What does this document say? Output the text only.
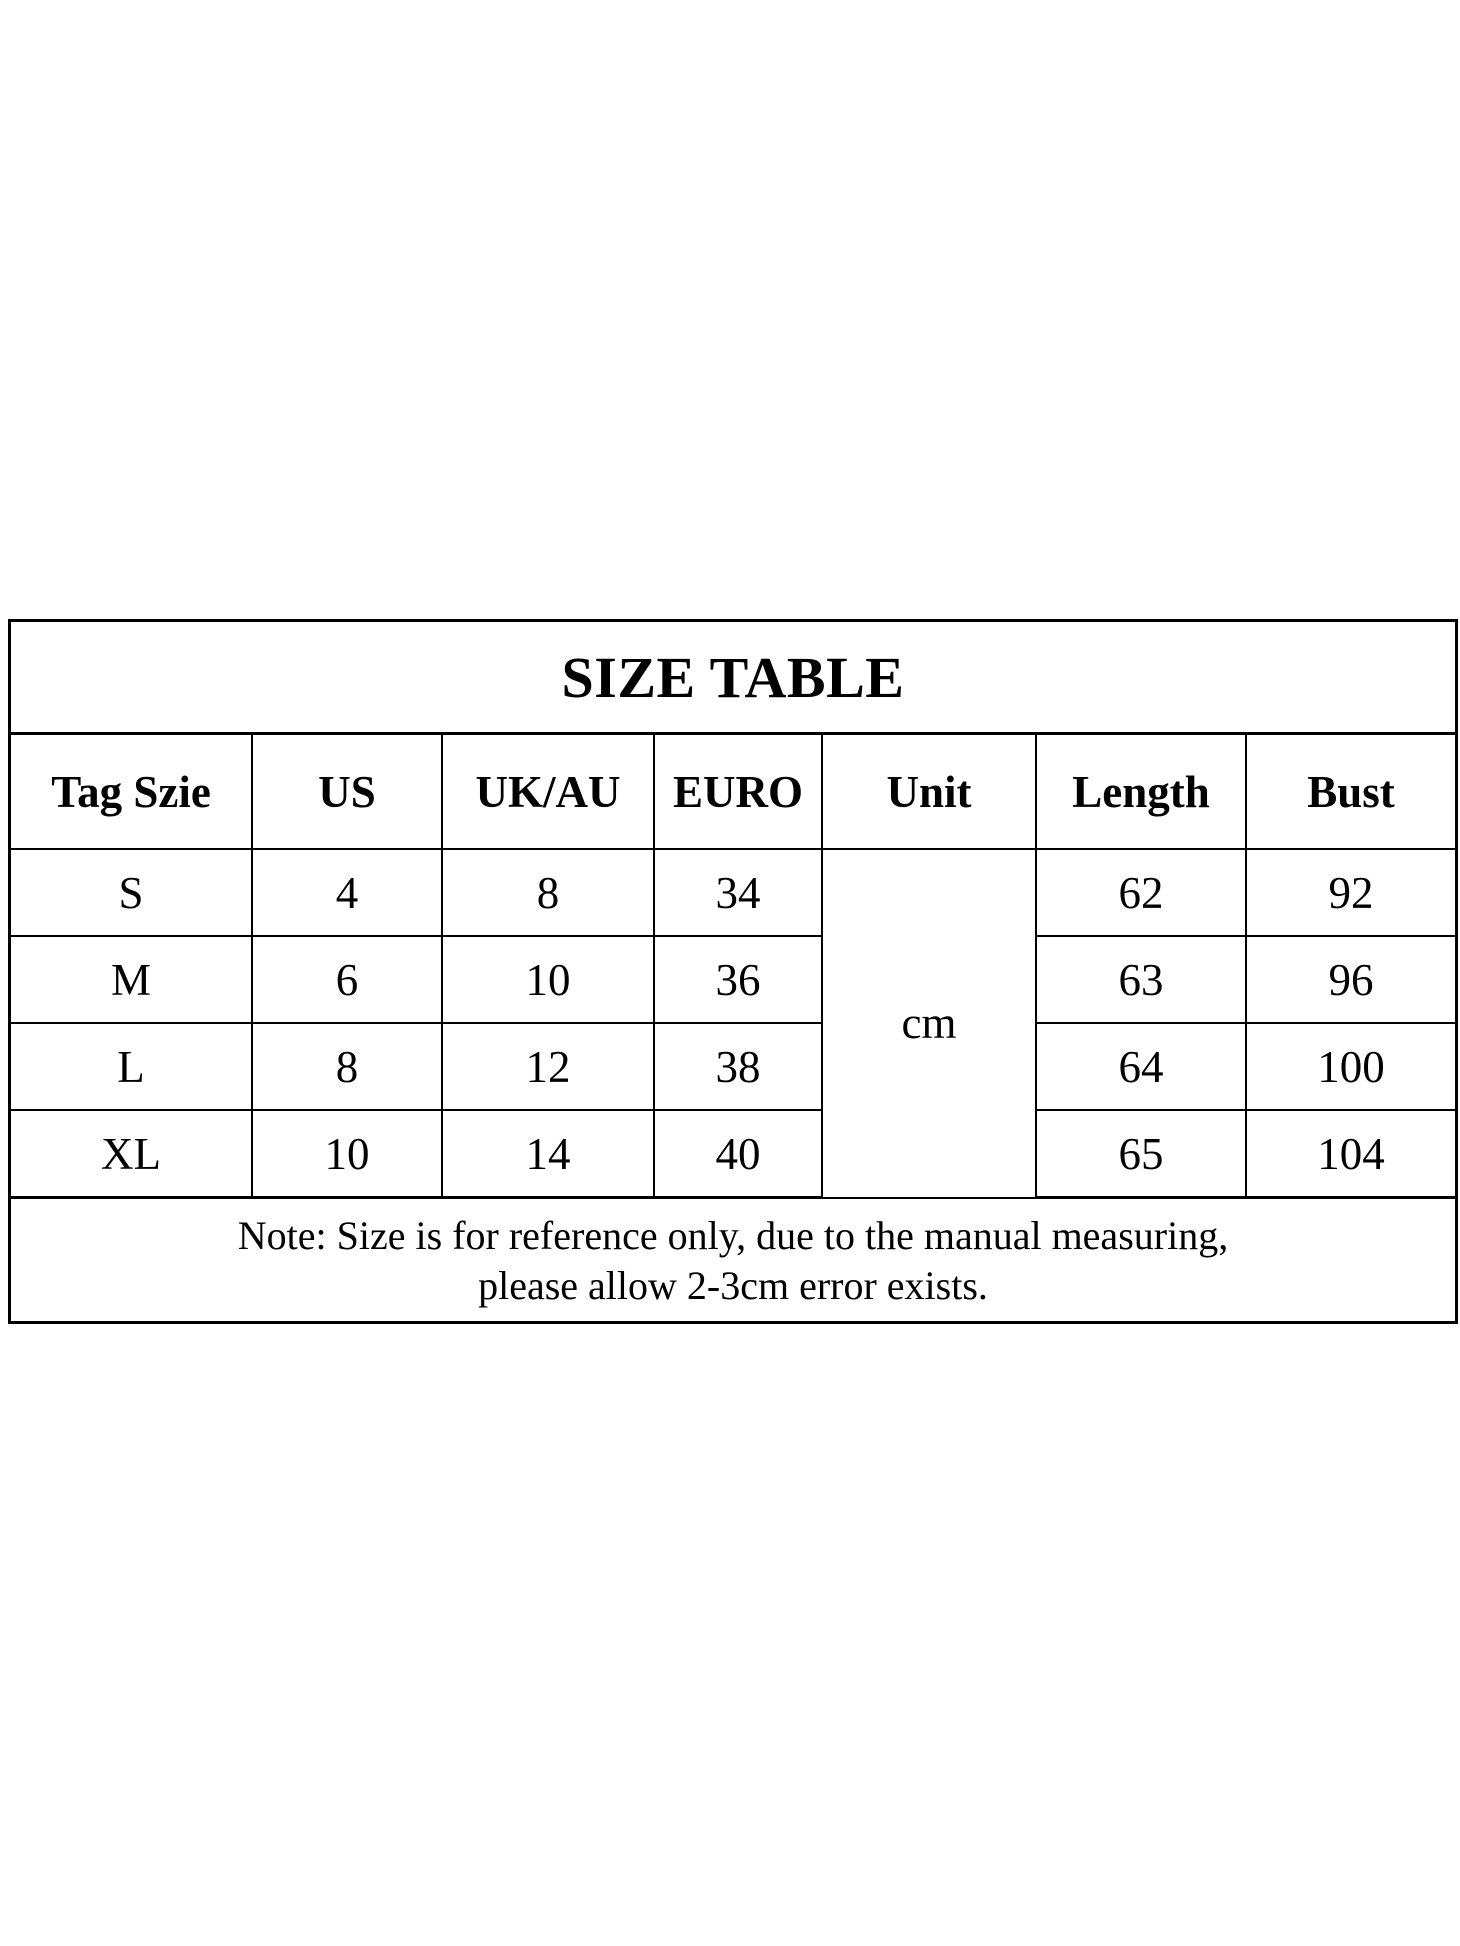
SIZE TABLE
Tag Szie	US	UK/AU	EURO	Unit	Length	Bust
S	4	8	34	cm	62	92
M	6	10	36		63	96
L	8	12	38		64	100
XL	10	14	40		65	104
Note: Size is for reference only, due to the manual measuring,
please allow 2-3cm error exists.
